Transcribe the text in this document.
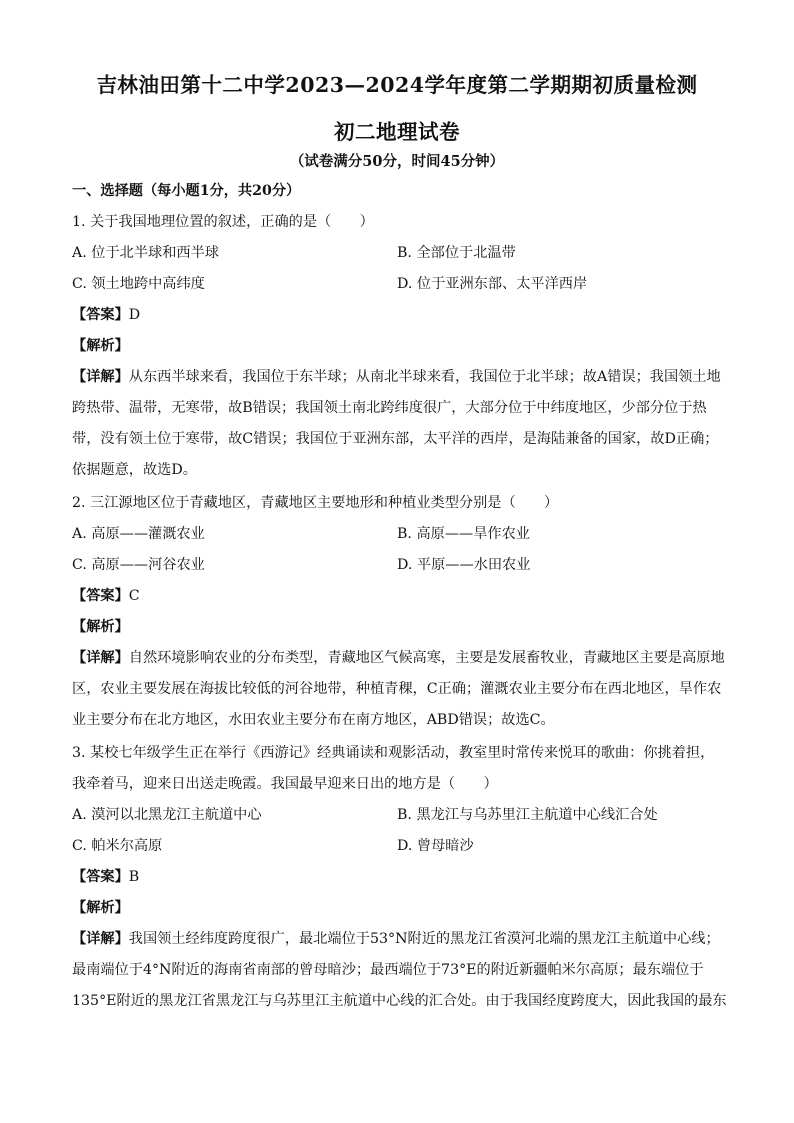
吉林油田第十二中学2023—2024学年度第二学期期初质量检测
初二地理试卷
（试卷满分50分，时间45分钟）
一、选择题（每小题1分，共20分）
1. 关于我国地理位置的叙述，正确的是（　　）
A. 位于北半球和西半球	B. 全部位于北温带
C. 领土地跨中高纬度	D. 位于亚洲东部、太平洋西岸
【答案】D
【解析】
【详解】从东西半球来看，我国位于东半球；从南北半球来看，我国位于北半球；故A错误；我国领土地
跨热带、温带，无寒带，故B错误；我国领土南北跨纬度很广，大部分位于中纬度地区，少部分位于热
带，没有领土位于寒带，故C错误；我国位于亚洲东部，太平洋的西岸，是海陆兼备的国家，故D正确；
依据题意，故选D。
2. 三江源地区位于青藏地区，青藏地区主要地形和种植业类型分别是（　　）
A. 高原——灌溉农业	B. 高原——旱作农业
C. 高原——河谷农业	D. 平原——水田农业
【答案】C
【解析】
【详解】自然环境影响农业的分布类型，青藏地区气候高寒，主要是发展畜牧业，青藏地区主要是高原地
区，农业主要发展在海拔比较低的河谷地带，种植青稞，C正确；灌溉农业主要分布在西北地区，旱作农
业主要分布在北方地区，水田农业主要分布在南方地区，ABD错误；故选C。
3. 某校七年级学生正在举行《西游记》经典诵读和观影活动，教室里时常传来悦耳的歌曲：你挑着担，
我牵着马，迎来日出送走晚霞。我国最早迎来日出的地方是（　　）
A. 漠河以北黑龙江主航道中心	B. 黑龙江与乌苏里江主航道中心线汇合处
C. 帕米尔高原	D. 曾母暗沙
【答案】B
【解析】
【详解】我国领土经纬度跨度很广，最北端位于53°N附近的黑龙江省漠河北端的黑龙江主航道中心线；
最南端位于4°N附近的海南省南部的曾母暗沙；最西端位于73°E的附近新疆帕米尔高原；最东端位于
135°E附近的黑龙江省黑龙江与乌苏里江主航道中心线的汇合处。由于我国经度跨度大，因此我国的最东
